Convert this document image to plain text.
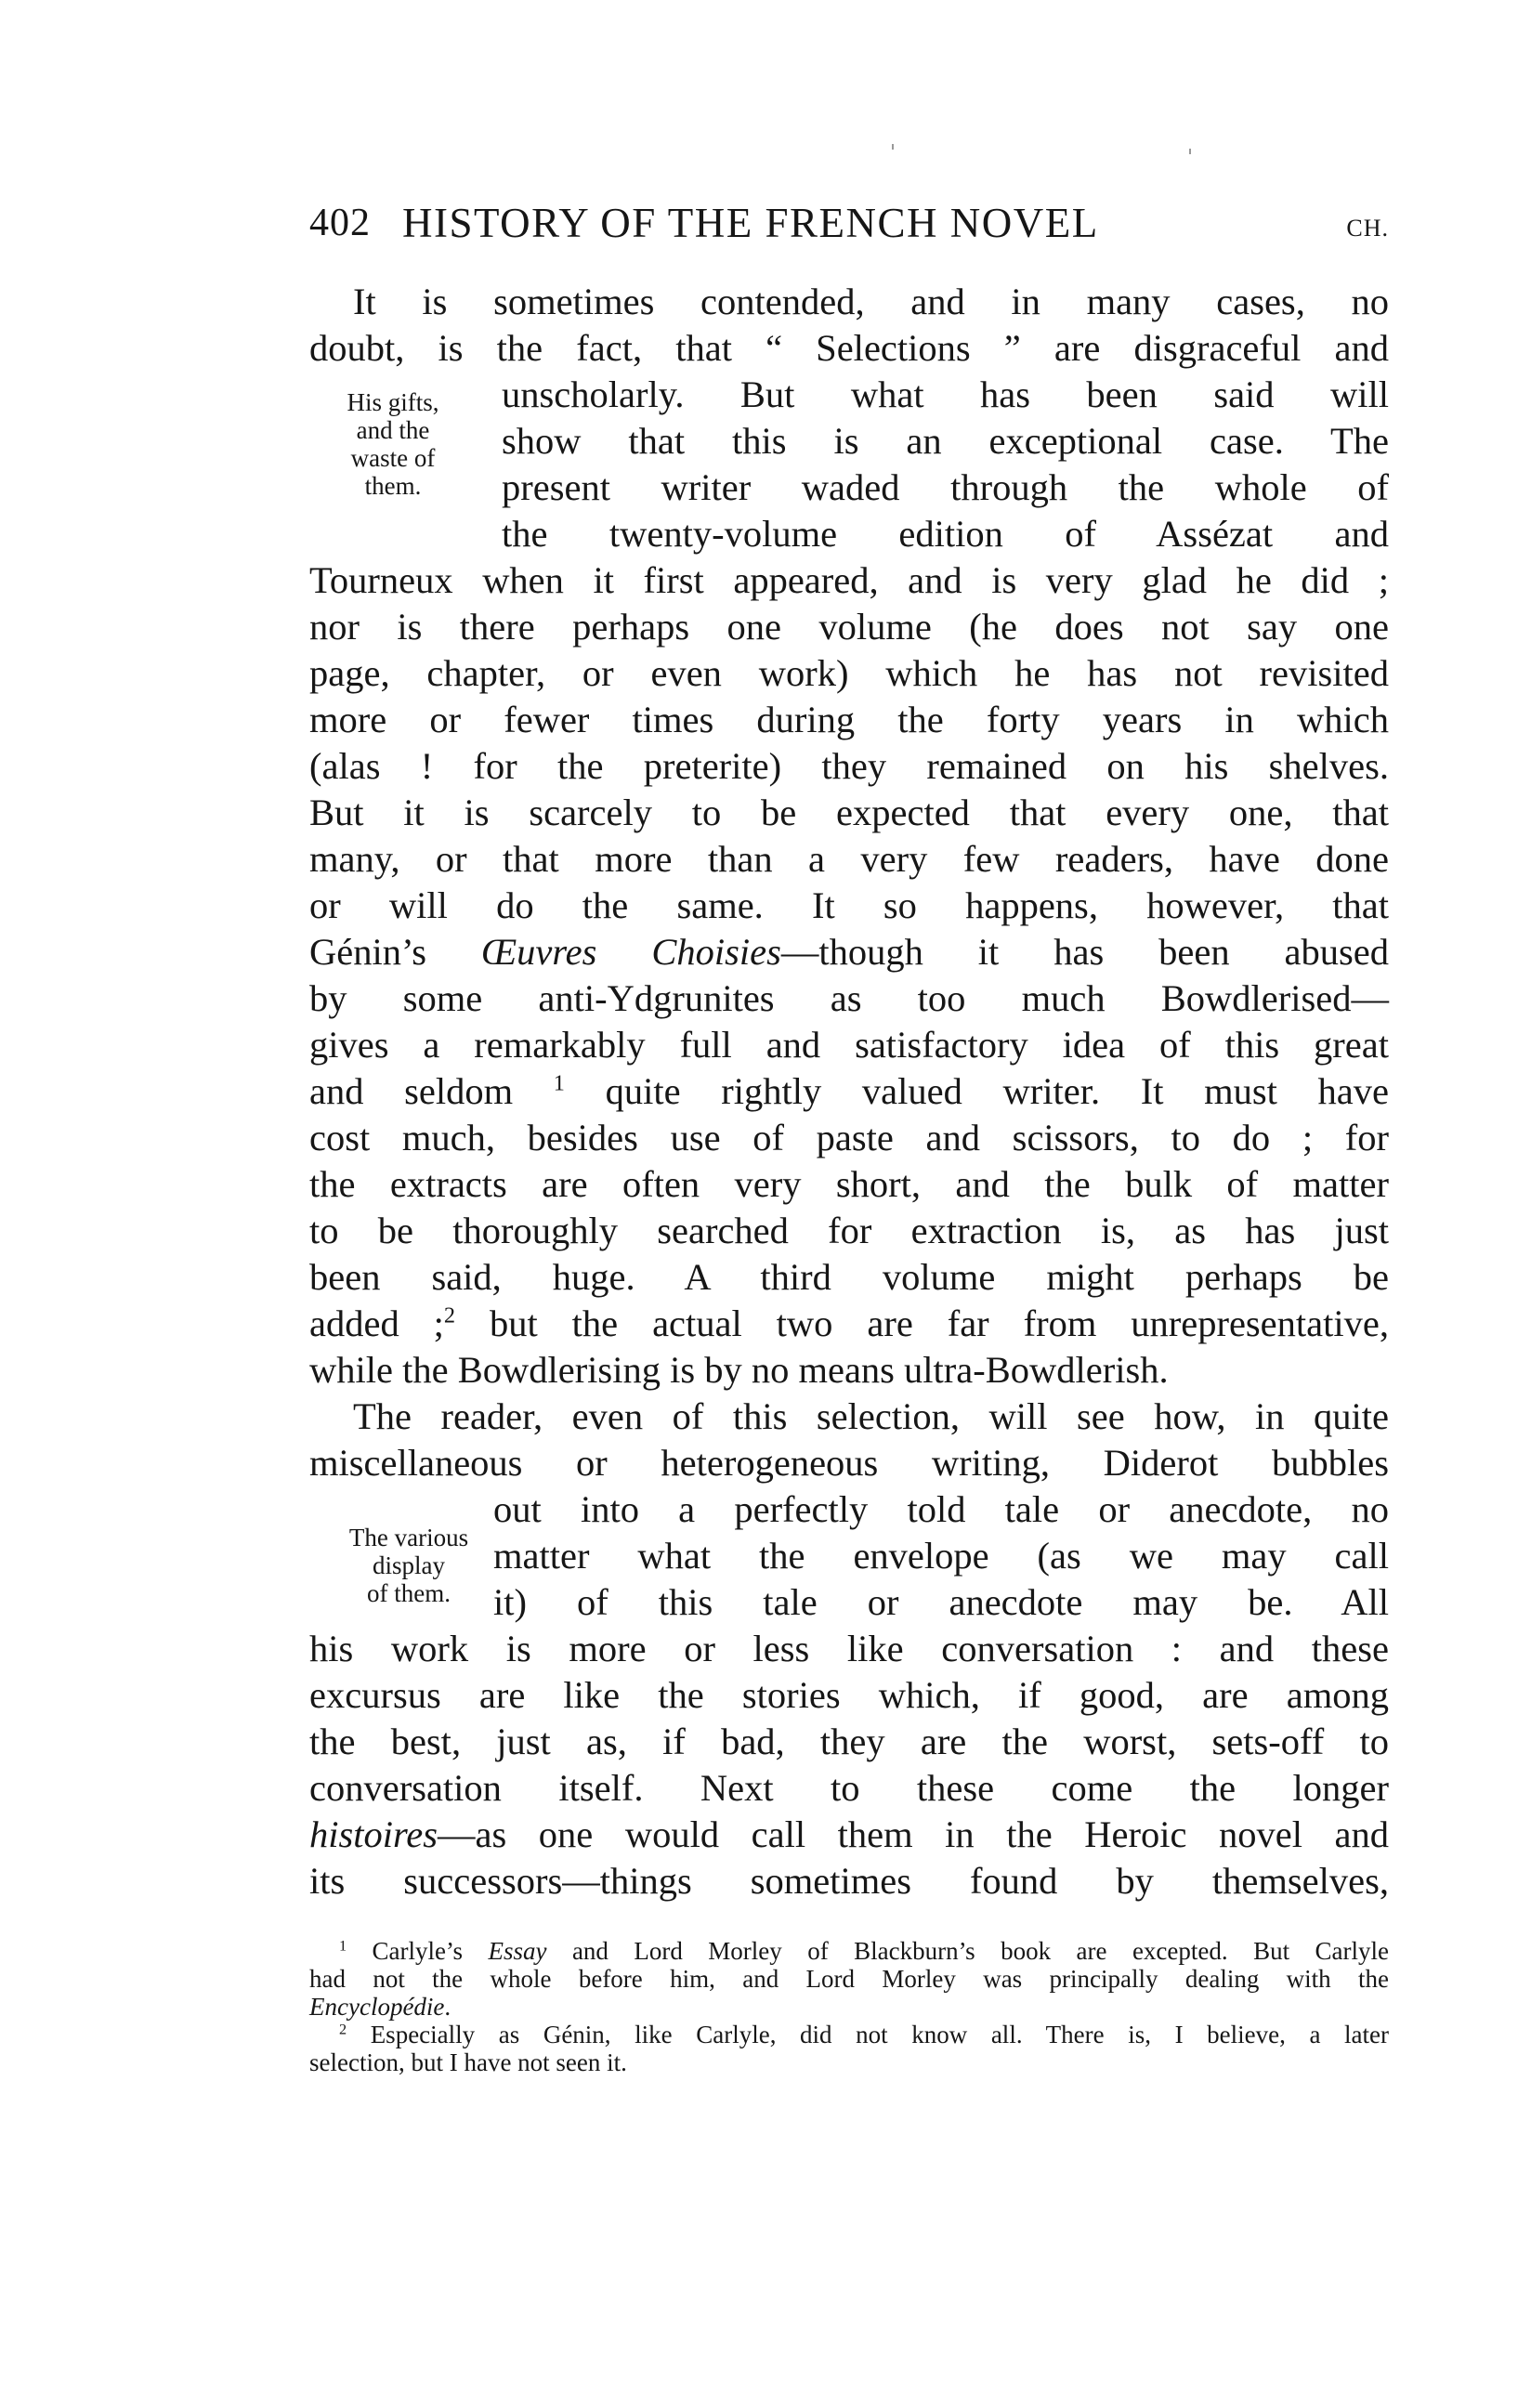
402 HISTORY OF THE FRENCH NOVEL	CH.
His gifts,
and the
waste of
them.
The various
display
of them.
It is sometimes contended, and in many cases, no
doubt, is the fact, that “ Selections ” are disgraceful and
unscholarly. But what has been said will
show that this is an exceptional case. The
present writer waded through the whole of
the twenty-volume edition of Assézat and
Tourneux when it first appeared, and is very glad he did ;
nor is there perhaps one volume (he does not say one
page, chapter, or even work) which he has not revisited
more or fewer times during the forty years in which
(alas ! for the preterite) they remained on his shelves.
But it is scarcely to be expected that every one, that
many, or that more than a very few readers, have done
or will do the same. It so happens, however, that
Génin’s Œuvres Choisies—though it has been abused
by some anti-Ydgrunites as too much Bowdlerised—
gives a remarkably full and satisfactory idea of this great
and seldom $^1$ quite rightly valued writer. It must have
cost much, besides use of paste and scissors, to do ; for
the extracts are often very short, and the bulk of matter
to be thoroughly searched for extraction is, as has just
been said, huge. A third volume might perhaps be
added ;$^2$ but the actual two are far from unrepresentative,
while the Bowdlerising is by no means ultra-Bowdlerish.
The reader, even of this selection, will see how, in quite
miscellaneous or heterogeneous writing, Diderot bubbles
out into a perfectly told tale or anecdote, no
matter what the envelope (as we may call
it) of this tale or anecdote may be. All
his work is more or less like conversation : and these
excursus are like the stories which, if good, are among
the best, just as, if bad, they are the worst, sets-off to
conversation itself. Next to these come the longer
histoires—as one would call them in the Heroic novel and
its successors—things sometimes found by themselves,
$^1$ Carlyle’s Essay and Lord Morley of Blackburn’s book are excepted. But Carlyle
had not the whole before him, and Lord Morley was principally dealing with the
Encyclopédie.
$^2$ Especially as Génin, like Carlyle, did not know all. There is, I believe, a later
selection, but I have not seen it.
